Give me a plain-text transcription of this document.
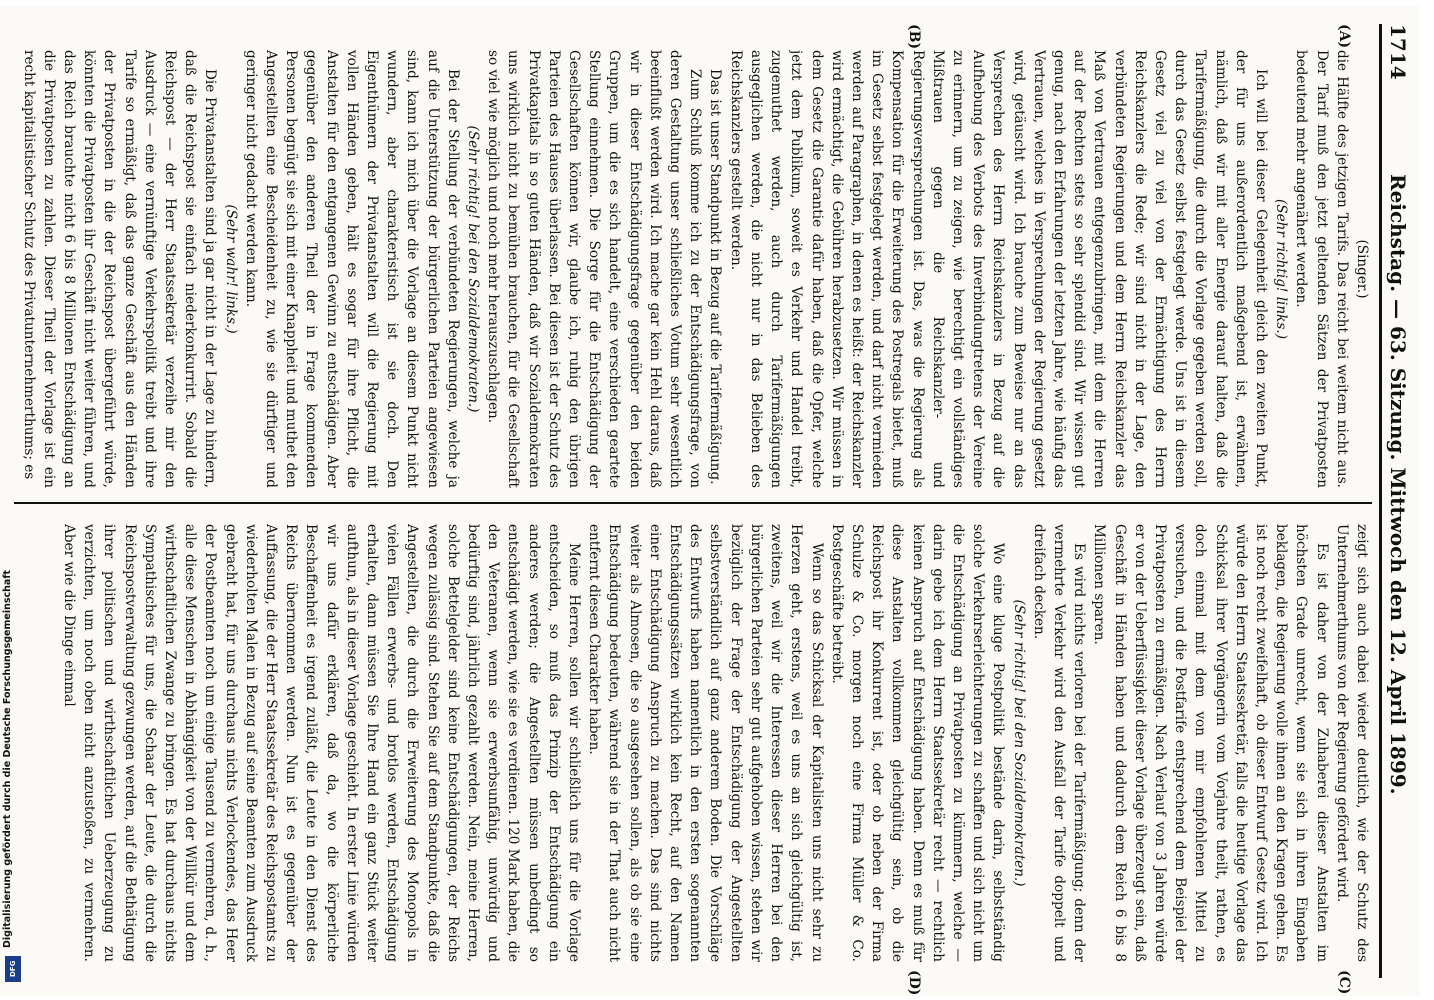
1714
Reichstag. — 63. Sitzung. Mittwoch den 12. April 1899.
(A)
(B)
(C)
(D)

(Singer.)

die Hälfte des jetzigen Tarifs. Das reicht bei weitem nicht aus. Der Tarif muß den jetzt geltenden Sätzen der Privatposten bedeutend mehr angenähert werden.

(Sehr richtig! links.)

Ich will bei dieser Gelegenheit gleich den zweiten Punkt, der für uns außerordentlich maßgebend ist, erwähnen, nämlich, daß wir mit aller Energie darauf halten, daß die Tarifermäßigung, die durch die Vorlage gegeben werden soll, durch das Gesetz selbst festgelegt werde. Uns ist in diesem Gesetz viel zu viel von der Ermächtigung des Herrn Reichskanzlers die Rede; wir sind nicht in der Lage, den verbündeten Regierungen und dem Herrn Reichskanzler das Maß von Vertrauen entgegenzubringen, mit dem die Herren auf der Rechten stets so sehr splendid sind. Wir wissen gut genug, nach den Erfahrungen der letzten Jahre, wie häufig das Vertrauen, welches in Versprechungen der Regierung gesetzt wird, getäuscht wird. Ich brauche zum Beweise nur an das Versprechen des Herrn Reichskanzlers in Bezug auf die Aufhebung des Verbots des Inverbindungtretens der Vereine zu erinnern, um zu zeigen, wie berechtigt ein vollständiges Mißtrauen gegen die Reichskanzler- und Regierungsversprechungen ist. Das, was die Regierung als Kompensation für die Erweiterung des Postregals bietet, muß im Gesetz selbst festgelegt werden, und darf nicht vermieden werden auf Paragraphen, in denen es heißt: der Reichskanzler wird ermächtigt, die Gebühren herabzusetzen. Wir müssen in dem Gesetz die Garantie dafür haben, daß die Opfer, welche jetzt dem Publikum, soweit es Verkehr und Handel treibt, zugemuthet werden, auch durch Tarifermäßigungen ausgeglichen werden, die nicht nur in das Belieben des Reichskanzlers gestellt werden.

Das ist unser Standpunkt in Bezug auf die Tarifermäßigung.

Zum Schluß komme ich zu der Entschädigungsfrage, von deren Gestaltung unser schließliches Votum sehr wesentlich beeinflußt werden wird. Ich mache gar kein Hehl daraus, daß wir in dieser Entschädigungsfrage gegenüber den beiden Gruppen, um die es sich handelt, eine verschieden geartete Stellung einnehmen. Die Sorge für die Entschädigung der Gesellschaften können wir, glaube ich, ruhig den übrigen Parteien des Hauses überlassen. Bei diesen ist der Schutz des Privatkapitals in so guten Händen, daß wir Sozialdemokraten uns wirklich nicht zu bemühen brauchen, für die Gesellschaft so viel wie möglich und noch mehr herauszuschlagen.

(Sehr richtig! bei den Sozialdemokraten.)

Bei der Stellung der verbündeten Regierungen, welche ja auf die Unterstützung der bürgerlichen Parteien angewiesen sind, kann ich mich über die Vorlage an diesem Punkt nicht wundern, aber charakteristisch ist sie doch. Den Eigenthümern der Privatanstalten will die Regierung mit vollen Händen geben, hält es sogar für ihre Pflicht, die Anstalten für den entgangenen Gewinn zu entschädigen. Aber gegenüber den anderen Theil der in Frage kommenden Personen begnügt sie sich mit einer Knappheit und muthet den Angestellten eine Bescheidenheit zu, wie sie dürftiger und geringer nicht gedacht werden kann.

(Sehr wahr! links.)

Die Privatanstalten sind ja gar nicht in der Lage zu hindern, daß die Reichspost sie einfach niederkonkurrirt. Sobald die Reichspost — der Herr Staatssekretär verzeihe mir den Ausdruck — eine vernünftige Verkehrspolitik treibt und ihre Tarife so ermäßigt, daß das ganze Geschäft aus den Händen der Privatposten in die der Reichspost übergeführt würde, könnten die Privatposten ihr Geschäft nicht weiter führen, und das Reich brauchte nicht 6 bis 8 Millionen Entschädigung an die Privatposten zu zahlen. Dieser Theil der Vorlage ist ein recht kapitalistischer Schutz des Privatunternehmerthums; es

zeigt sich auch dabei wieder deutlich, wie der Schutz des Unternehmerthums von der Regierung gefördert wird.

Es ist daher von der Zuhaberei dieser Anstalten im höchsten Grade unrecht, wenn sie sich in ihren Eingaben beklagen, die Regierung wolle ihnen an den Kragen gehen. Es ist noch recht zweifelhaft, ob dieser Entwurf Gesetz wird. Ich würde den Herrn Staatssekretär, falls die heutige Vorlage das Schicksal ihrer Vorgängerin vom Vorjahre theilt, rathen, es doch einmal mit dem von mir empfohlenen Mittel zu versuchen, und die Postfarife entsprechend dem Beispiel der Privatposten zu ermäßigen. Nach Verlauf von 3 Jahren würde er von der Ueberflüssigkeit dieser Vorlage überzeugt sein, daß Geschäft in Händen haben und dadurch dem Reich 6 bis 8 Millionen sparen.

Es wird nichts verloren bei der Tarifermäßigung; denn der vermehrte Verkehr wird den Ausfall der Tarife doppelt und dreifach decken.

(Sehr richtig! bei den Sozialdemokraten.)

Wo eine kluge Postpolitik bestände darin, selbstständig solche Verkehrserleichterungen zu schaffen und sich nicht um die Entschädigung an Privatposten zu kümmern, welche — darin gebe ich dem Herrn Staatssekretär recht — rechtlich keinen Anspruch auf Entschädigung haben. Denn es muß für diese Anstalten vollkommen gleichgültig sein, ob die Reichspost ihr Konkurrent ist, oder ob neben der Firma Schulze & Co. morgen noch eine Firma Müller & Co. Postgeschäfte betreibt.

Wenn so das Schicksal der Kapitalisten uns nicht sehr zu Herzen geht, erstens, weil es uns an sich gleichgültig ist, zweitens, weil wir die Interessen dieser Herren bei den bürgerlichen Parteien sehr gut aufgehoben wissen, stehen wir bezüglich der Frage der Entschädigung der Angestellten selbstverständlich auf ganz anderem Boden. Die Vorschläge des Entwurfs haben namentlich in den ersten sogenannten Entschädigungssätzen wirklich kein Recht, auf den Namen einer Entschädigung Anspruch zu machen. Das sind nichts weiter als Almosen, die so ausgesehen sollen, als ob sie eine Entschädigung bedeuten, während sie in der That auch nicht entfernt diesen Charakter haben.

Meine Herren, sollen wir schließlich uns für die Vorlage entscheiden, so muß das Prinzip der Entschädigung ein anderes werden; die Angestellten müssen unbedingt so entschädigt werden, wie sie es verdienen. 120 Mark haben, die den Veteranen, wenn sie erwerbsunfähig, unwürdig und bedürftig sind, jährlich gezahlt werden. Nein, meine Herren, solche Bettelgelder sind keine Entschädigungen, der Reichs wegen zulässig sind. Stehen Sie auf dem Standpunkte, daß die Angestellten, die durch die Erweiterung des Monopols in vielen Fällen erwerbs- und brotlos werden, Entschädigung erhalten, dann müssen Sie Ihre Hand ein ganz Stück weiter aufthun, als in dieser Vorlage geschieht. In erster Linie würden wir uns dafür erklären, daß da, wo die körperliche Beschaffenheit es irgend zuläßt, die Leute in den Dienst des Reichs übernommen werden. Nun ist es gegenüber der Auffassung, die der Herr Staatssekretär des Reichspostamts zu wiederholten Malen in Bezug auf seine Beamten zum Ausdruck gebracht hat, für uns durchaus nichts Verlockendes, das Heer der Postbeamten noch um einige Tausend zu vermehren, d. h., alle diese Menschen in Abhängigkeit von der Willkür und dem wirthschaftlichen Zwange zu bringen. Es hat durchaus nichts Sympathisches für uns, die Schaar der Leute, die durch die Reichspostverwaltung gezwungen werden, auf die Bethätigung ihrer politischen und wirthschaftlichen Ueberzeugung zu verzichten, um noch oben nicht anzustoßen, zu vermehren. Aber wie die Dinge einmal

Digitalisierung gefördert durch die Deutsche Forschungsgemeinschaft
DFG
